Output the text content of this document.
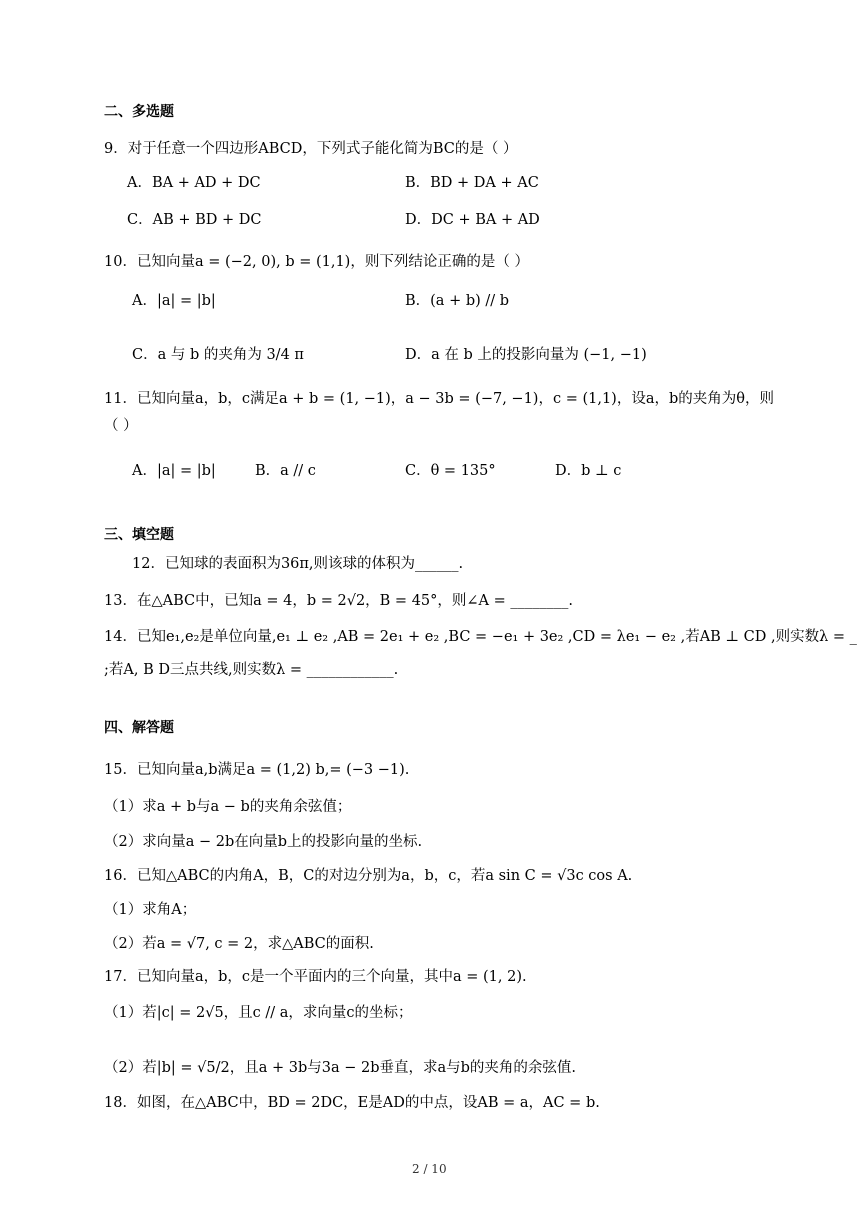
二、多选题
三、填空题
四、解答题
9．对于任意一个四边形ABCD，下列式子能化简为BC的是（ ）
A．BA + AD + DC	B．BD + DA + AC
C．AB + BD + DC	D．DC + BA + AD
10．已知向量a = (−2, 0), b = (1,1)，则下列结论正确的是（ ）
A．|a| = |b|	B．(a + b) // b
C．a 与 b 的夹角为 3/4 π	D．a 在 b 上的投影向量为 (−1, −1)
11．已知向量a，b，c满足a + b = (1, −1)，a − 3b = (−7, −1)，c = (1,1)，设a，b的夹角为θ，则
（ ）
A．|a| = |b|	B．a // c	C．θ = 135°	D．b ⊥ c
12．已知球的表面积为36π,则该球的体积为______.
13．在△ABC中，已知a = 4，b = 2√2，B = 45°，则∠A = ________.
14．已知e₁,e₂是单位向量,e₁ ⊥ e₂ ,AB = 2e₁ + e₂ ,BC = −e₁ + 3e₂ ,CD = λe₁ − e₂ ,若AB ⊥ CD ,则实数λ = _
;若A, B D三点共线,则实数λ = ____________.
15．已知向量a,b满足a = (1,2) b,= (−3 −1).
（1）求a + b与a − b的夹角余弦值；
（2）求向量a − 2b在向量b上的投影向量的坐标.
16．已知△ABC的内角A，B，C的对边分别为a，b，c，若a sin C = √3c cos A.
（1）求角A；
（2）若a = √7, c = 2，求△ABC的面积.
17．已知向量a，b，c是一个平面内的三个向量，其中a = (1, 2).
（1）若|c| = 2√5，且c // a，求向量c的坐标；
（2）若|b| = √5/2，且a + 3b与3a − 2b垂直，求a与b的夹角的余弦值.
18．如图，在△ABC中，BD = 2DC，E是AD的中点，设AB = a，AC = b.
2 / 10
